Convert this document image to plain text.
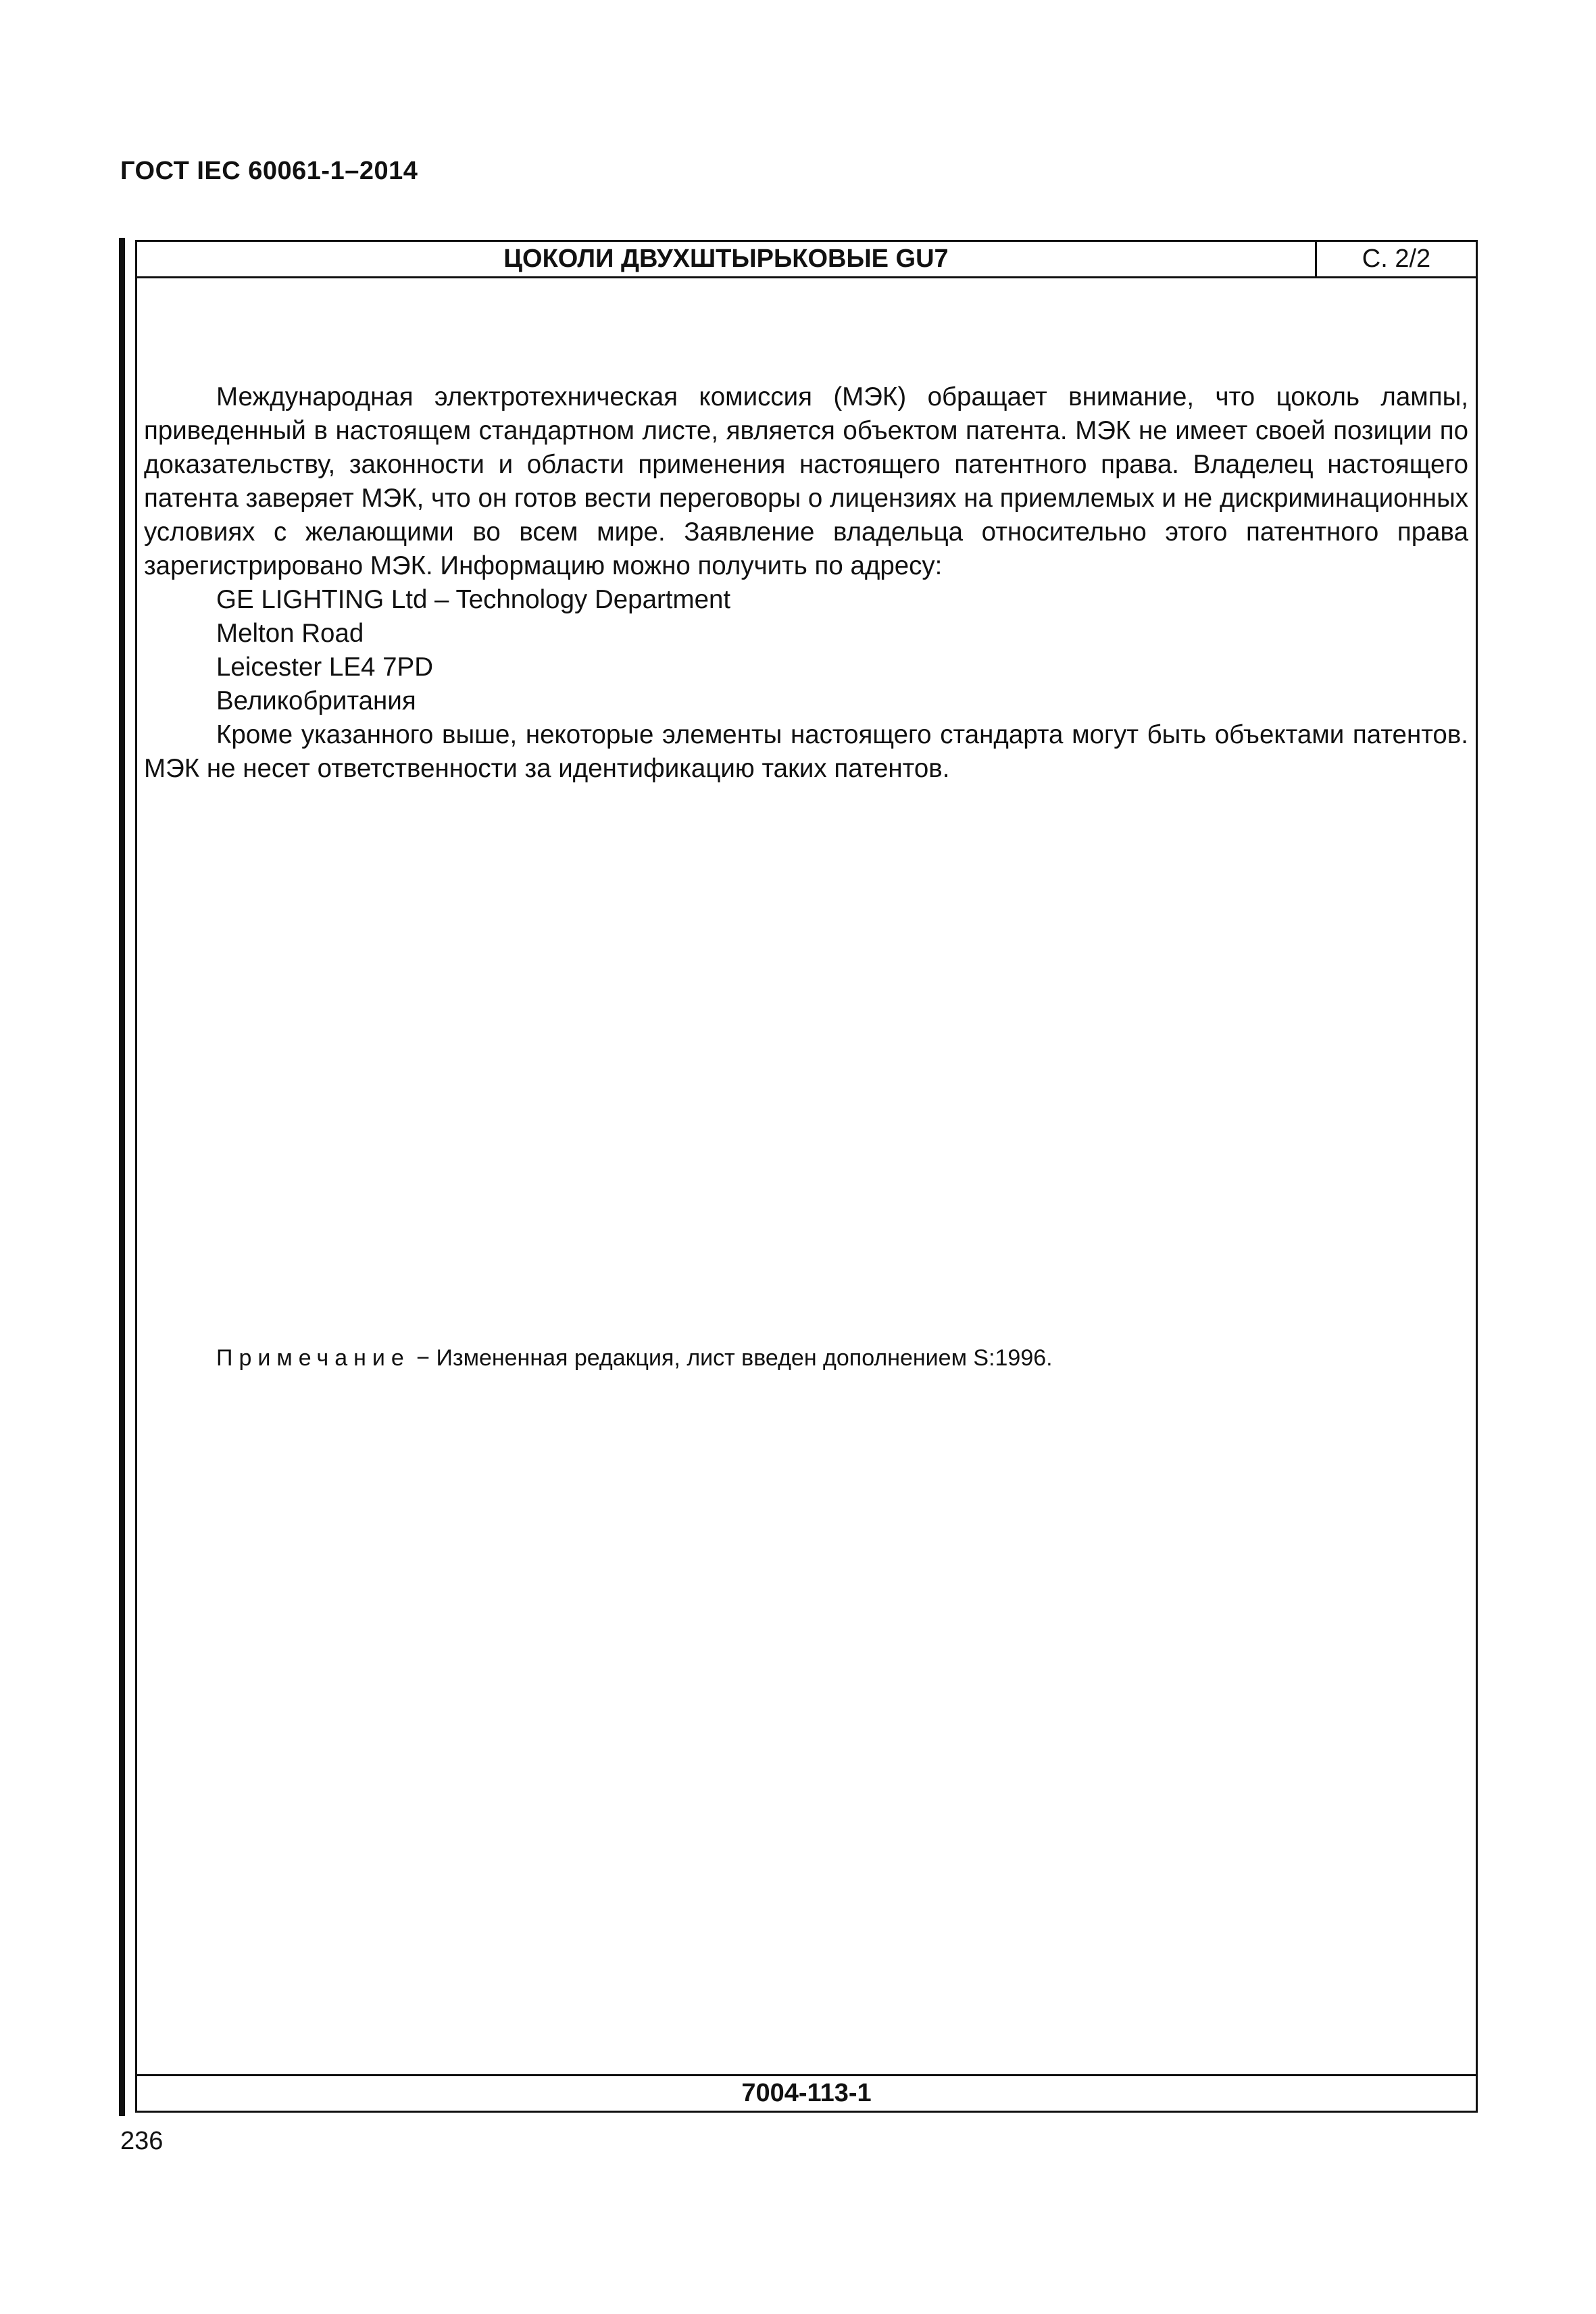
ГОСТ IEC 60061-1–2014
ЦОКОЛИ ДВУХШТЫРЬКОВЫЕ GU7	С. 2/2

Международная электротехническая комиссия (МЭК) обращает внимание, что цоколь лампы, приведенный в настоящем стандартном листе, является объектом патента. МЭК не имеет своей позиции по доказательству, законности и области применения настоящего патентного права. Владелец настоящего патента заверяет МЭК, что он готов вести переговоры о лицензиях на приемлемых и не дискриминационных условиях с желающими во всем мире. Заявление владельца относительно этого патентного права зарегистрировано МЭК. Информацию можно получить по адресу:

GE LIGHTING Ltd – Technology Department
Melton Road
Leicester LE4 7PD
Великобритания

Кроме указанного выше, некоторые элементы настоящего стандарта могут быть объектами патентов. МЭК не несет ответственности за идентификацию таких патентов.

Примечание − Измененная редакция, лист введен дополнением S:1996.
7004-113-1
236
